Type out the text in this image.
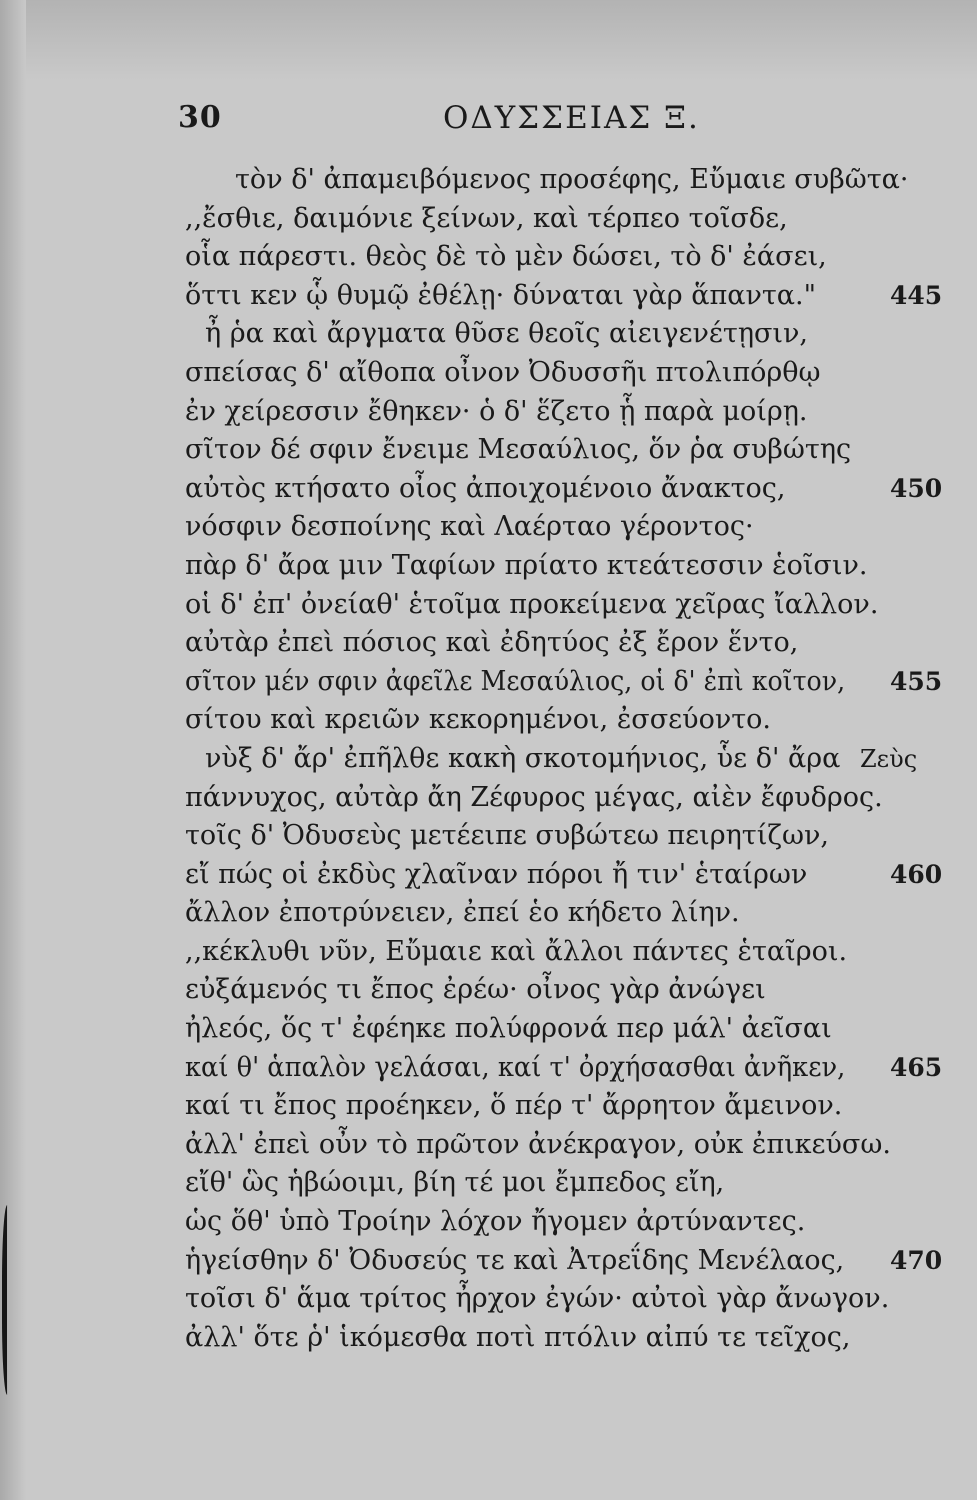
30	ΟΔΥΣΣΕΙΑΣ Ξ.
τὸν δ' ἀπαμειβόμενος προσέφης, Εὔμαιε συβῶτα·
,,ἔσθιε, δαιμόνιε ξείνων, καὶ τέρπεο τοῖσδε,
οἷα πάρεστι. θεὸς δὲ τὸ μὲν δώσει, τὸ δ' ἐάσει,
ὅττι κεν ᾧ θυμῷ ἐθέλῃ· δύναται γὰρ ἅπαντα."	445
ἦ ῥα καὶ ἄργματα θῦσε θεοῖς αἰειγενέτῃσιν,
σπείσας δ' αἴθοπα οἶνον Ὀδυσσῆι πτολιπόρθῳ
ἐν χείρεσσιν ἔθηκεν· ὁ δ' ἕζετο ᾗ παρὰ μοίρῃ.
σῖτον δέ σφιν ἔνειμε Μεσαύλιος, ὅν ῥα συβώτης
αὐτὸς κτήσατο οἶος ἀποιχομένοιο ἄνακτος,	450
νόσφιν δεσποίνης καὶ Λαέρταο γέροντος·
πὰρ δ' ἄρα μιν Ταφίων πρίατο κτεάτεσσιν ἑοῖσιν.
οἱ δ' ἐπ' ὀνείαθ' ἑτοῖμα προκείμενα χεῖρας ἴαλλον.
αὐτὰρ ἐπεὶ πόσιος καὶ ἐδητύος ἐξ ἔρον ἕντο,
σῖτον μέν σφιν ἀφεῖλε Μεσαύλιος, οἱ δ' ἐπὶ κοῖτον, 455
σίτου καὶ κρειῶν κεκορημένοι, ἐσσεύοντο.
νὺξ δ' ἄρ' ἐπῆλθε κακὴ σκοτομήνιος, ὗε δ' ἄρα Ζεὺς
πάννυχος, αὐτὰρ ἄη Ζέφυρος μέγας, αἰὲν ἔφυδρος.
τοῖς δ' Ὀδυσεὺς μετέειπε συβώτεω πειρητίζων,
εἴ πώς οἱ ἐκδὺς χλαῖναν πόροι ἤ τιν' ἑταίρων	460
ἄλλον ἐποτρύνειεν, ἐπεί ἑο κήδετο λίην.
,,κέκλυθι νῦν, Εὔμαιε καὶ ἄλλοι πάντες ἑταῖροι.
εὐξάμενός τι ἔπος ἐρέω· οἶνος γὰρ ἀνώγει
ἠλεός, ὅς τ' ἐφέηκε πολύφρονά περ μάλ' ἀεῖσαι
καί θ' ἁπαλὸν γελάσαι, καί τ' ὀρχήσασθαι ἀνῆκεν, 465
καί τι ἔπος προέηκεν, ὅ πέρ τ' ἄρρητον ἄμεινον.
ἀλλ' ἐπεὶ οὖν τὸ πρῶτον ἀνέκραγον, οὐκ ἐπικεύσω.
εἴθ' ὣς ἡβώοιμι, βίη τέ μοι ἔμπεδος εἴη,
ὡς ὅθ' ὑπὸ Τροίην λόχον ἤγομεν ἀρτύναντες.
ἡγείσθην δ' Ὀδυσεύς τε καὶ Ἀτρεΐδης Μενέλαος, 470
τοῖσι δ' ἅμα τρίτος ἦρχον ἐγών· αὐτοὶ γὰρ ἄνωγον.
ἀλλ' ὅτε ῥ' ἱκόμεσθα ποτὶ πτόλιν αἰπύ τε τεῖχος,
